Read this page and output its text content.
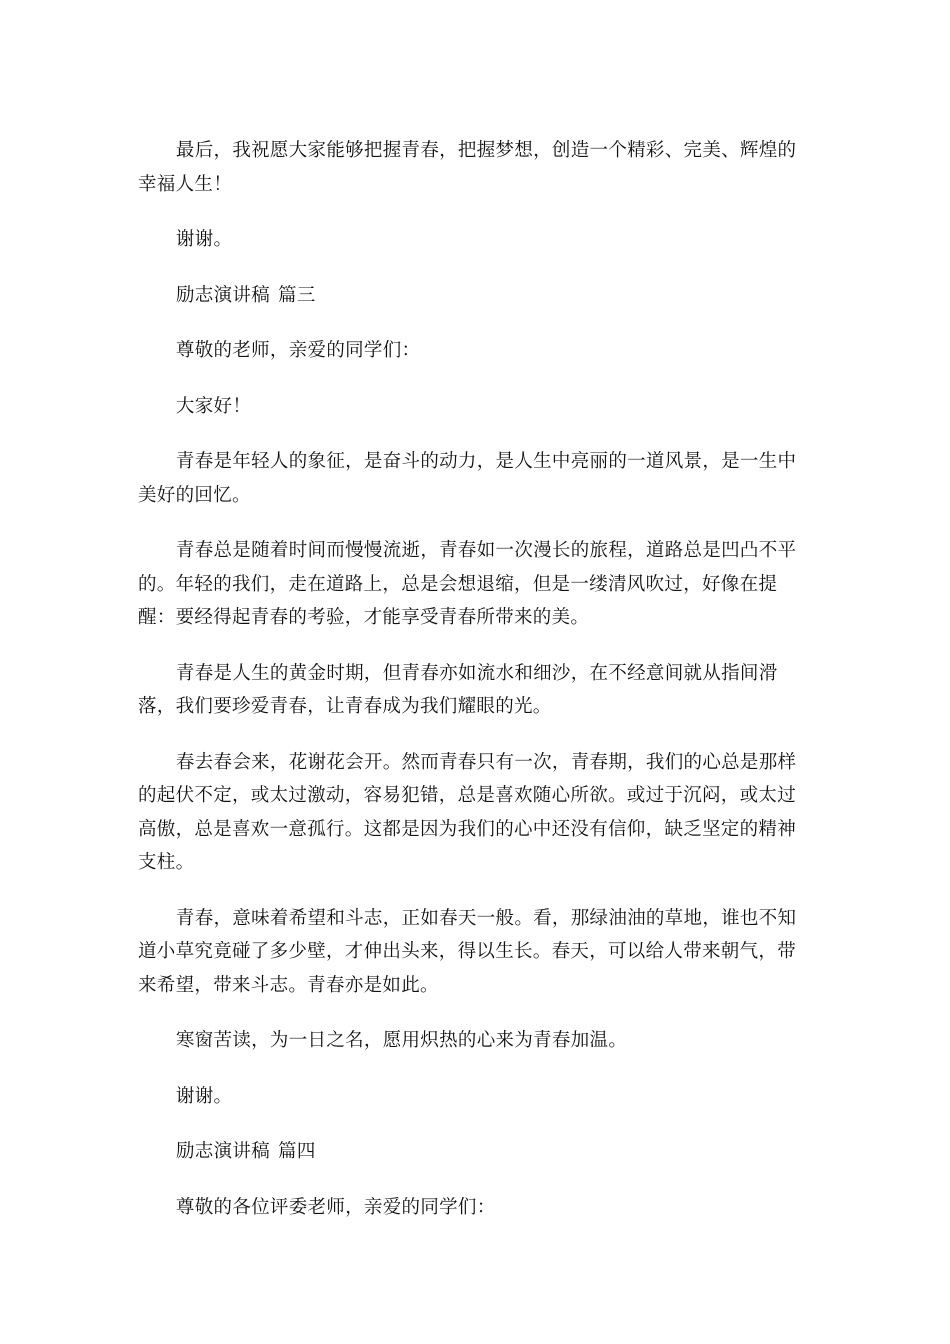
最后，我祝愿大家能够把握青春，把握梦想，创造一个精彩、完美、辉煌的幸福人生！

谢谢。

励志演讲稿 篇三

尊敬的老师，亲爱的同学们：

大家好！

青春是年轻人的象征，是奋斗的动力，是人生中亮丽的一道风景，是一生中美好的回忆。

青春总是随着时间而慢慢流逝，青春如一次漫长的旅程，道路总是凹凸不平的。年轻的我们，走在道路上，总是会想退缩，但是一缕清风吹过，好像在提醒：要经得起青春的考验，才能享受青春所带来的美。

青春是人生的黄金时期，但青春亦如流水和细沙，在不经意间就从指间滑落，我们要珍爱青春，让青春成为我们耀眼的光。

春去春会来，花谢花会开。然而青春只有一次，青春期，我们的心总是那样的起伏不定，或太过激动，容易犯错，总是喜欢随心所欲。或过于沉闷，或太过高傲，总是喜欢一意孤行。这都是因为我们的心中还没有信仰，缺乏坚定的精神支柱。

青春，意味着希望和斗志，正如春天一般。看，那绿油油的草地，谁也不知道小草究竟碰了多少壁，才伸出头来，得以生长。春天，可以给人带来朝气，带来希望，带来斗志。青春亦是如此。

寒窗苦读，为一日之名，愿用炽热的心来为青春加温。

谢谢。

励志演讲稿 篇四

尊敬的各位评委老师，亲爱的同学们：
